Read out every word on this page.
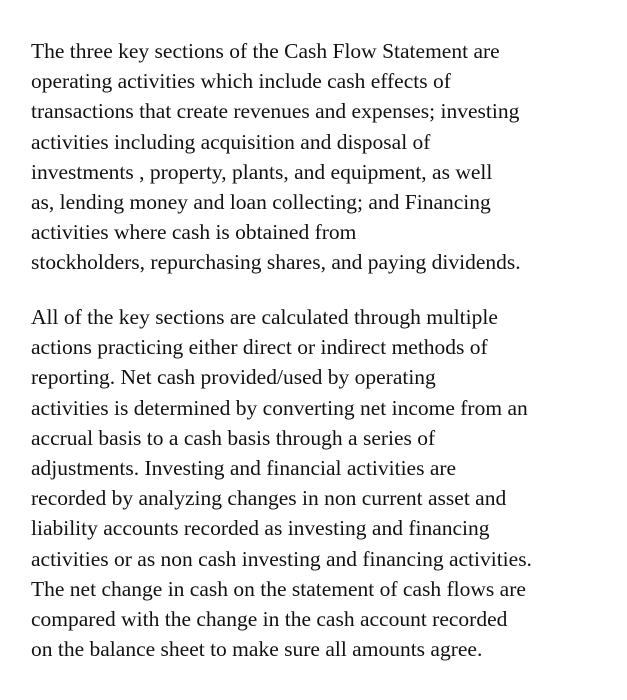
The three key sections of the Cash Flow Statement are
operating activities which include cash effects of
transactions that create revenues and expenses; investing
activities including acquisition and disposal of
investments , property, plants, and equipment, as well
as, lending money and loan collecting; and Financing
activities where cash is obtained from
stockholders, repurchasing shares, and paying dividends.
All of the key sections are calculated through multiple
actions practicing either direct or indirect methods of
reporting. Net cash provided/used by operating
activities is determined by converting net income from an
accrual basis to a cash basis through a series of
adjustments. Investing and financial activities are
recorded by analyzing changes in non current asset and
liability accounts recorded as investing and financing
activities or as non cash investing and financing activities.
The net change in cash on the statement of cash flows are
compared with the change in the cash account recorded
on the balance sheet to make sure all amounts agree.
